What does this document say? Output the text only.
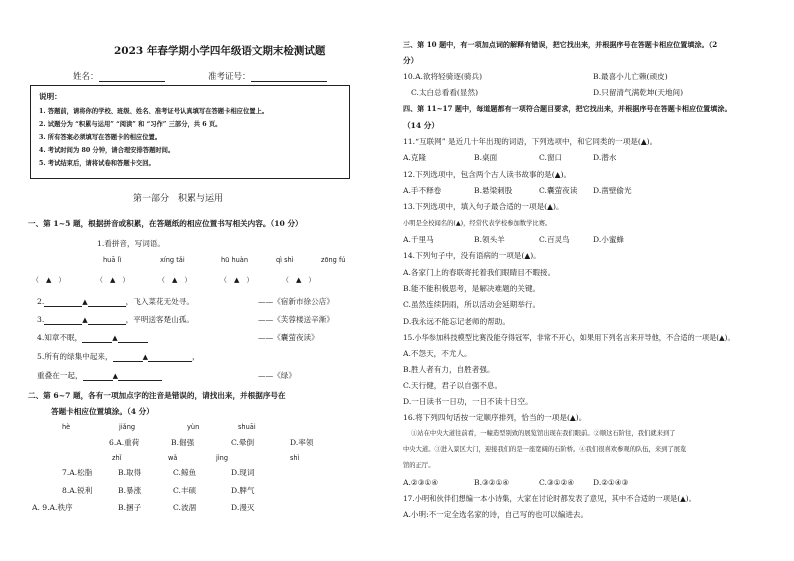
2023 年春学期小学四年级语文期末检测试题
姓名：	准考证号：
说明：
1. 答题前，请将你的学校、班级、姓名、准考证号认真填写在答题卡相应位置上。
2. 试题分为 “积累与运用” “阅读” 和 “习作” 三部分，共 6 页。
3. 所有答案必须填写在答题卡的相应位置。
4. 考试时间为 80 分钟，请合理安排答题时间。
5. 考试结束后，请将试卷和答题卡交回。
第一部分　积累与运用
一、第 1~5 题，根据拼音或积累，在答题纸的相应位置书写相关内容。（10 分）
1.看拼音，写词语。
huā lì	xíng tǎi	hū huàn	qì shì	zōng fú
（　▲　）	（　▲　）	（　▲　）	（　▲　）	（　▲　）
2.	▲	，飞入菜花无处寻。	——《宿新市徐公店》
3.	▲	，平明送客楚山孤。	——《芙蓉楼送辛渐》
4.知章不眠，	▲	——《囊萤夜读》
5.所有的绿集中起来，	▲	，
重叠在一起，	▲	——《绿》
二、第 6~7 题，各有一项加点字的注音是错误的，请找出来，并根据序号在
答题卡相应位置填涂。（4 分）
hè	jiǎng	yùn	shuāi
6.A.重荷	B.倔强	C.晕倒	D.率领
zhǐ	wǎ	jìng	shì
7.A.松脂	B.取得	C.鲸鱼	D.现词
8.A.锐利	B.暴涨	C.丰硕	D.脾气
A. 9.A.秩序	B.捆子	C.波涸	D.漫灭
三、第 10 题中，有一项加点词的解释有错误，把它找出来，并根据序号在答题卡相应位置填涂。（2
分）
10.A.欲将轻骑逐(骑兵)	B.最喜小儿亡赖(顽皮)
C.太白总看看(显然)	D.只留清气满乾坤(天地间)
四、第 11~17 题中，每道题都有一项符合题目要求，把它找出来，并根据序号在答题卡相应位置填涂。
（14 分）
11.“互联网” 是近几十年出现的词语，下列选项中，和它同类的一项是(▲)。
A.克隆	B.桌面	C.窗口	D.潜水
12.下列选项中，包含两个古人读书故事的是(▲)。
A.手不释卷	B.悬梁刺股	C.囊萤夜读 D.凿壁偷光
13.下列选项中，填入句子最合适的一项是(▲)。
小明是全校闻名的(▲)，经常代表学校参加数学比赛。
A.千里马	B.领头羊	C.百灵鸟	D.小蜜蜂
14.下列句子中，没有语病的一项是(▲)。
A.各家门上的春联寄托着我们眼睛目不暇接。
B.能不能积极思考，是解决难题的关键。
C.虽然连续阴雨，所以活动会延期举行。
D.我永远不能忘记老师的帮助。
15.小华参加科技模型比赛没能夺得冠军，非常不开心，如果用下列名言来开导他，不合适的一项是(▲)。
A.不怨天，不尤人。
B.胜人者有力，自胜者强。
C.天行健，君子以自强不息。
D.一日读书一日功，一日不读十日空。
16.将下列四句话按一定顺序排列，恰当的一项是(▲)。
①站在中央大道往前看，一幢造型别致的展览馆出现在我们眼前。②顺这石阶往，我们就来到了
中央大道。③进入景区大门，迎接我们的是一座宽阔的石阶桥。④我们很喜欢参观的队伍，来到了展览
馆的正厅。
A.②③①④	B.③②①④	C.③①②④ D.②①④③
17.小明和伙伴们想编一本小诗集，大家在讨论时都发表了意见，其中不合适的一项是(▲)。
A.小明:不一定全选名家的诗，自己写的也可以编进去。
